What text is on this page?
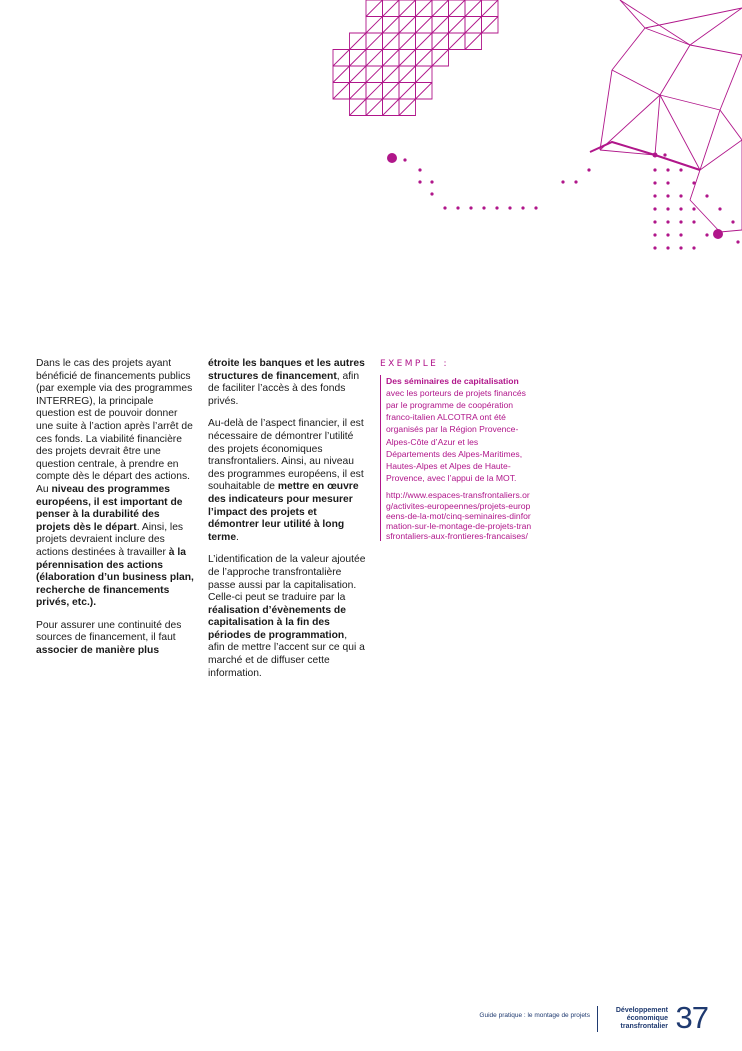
Dans le cas des projets ayant bénéficié de financements publics (par exemple via des programmes INTERREG), la principale question est de pouvoir donner une suite à l’action après l’arrêt de ces fonds. La viabilité financière des projets devrait être une question centrale, à prendre en compte dès le départ des actions. Au niveau des programmes européens, il est important de penser à la durabilité des projets dès le départ. Ainsi, les projets devraient inclure des actions destinées à travailler à la pérennisation des actions (élaboration d’un business plan, recherche de financements privés, etc.).

Pour assurer une continuité des sources de financement, il faut associer de manière plus

étroite les banques et les autres structures de financement, afin de faciliter l’accès à des fonds privés.

Au-delà de l’aspect financier, il est nécessaire de démontrer l’utilité des projets économiques transfrontaliers. Ainsi, au niveau des programmes européens, il est souhaitable de mettre en œuvre des indicateurs pour mesurer l’impact des projets et démontrer leur utilité à long terme.

L’identification de la valeur ajoutée de l’approche transfrontalière passe aussi par la capitalisation. Celle-ci peut se traduire par la réalisation d’évènements de capitalisation à la fin des périodes de programmation, afin de mettre l’accent sur ce qui a marché et de diffuser cette information.

EXEMPLE :

Des séminaires de capitalisation avec les porteurs de projets financés par le programme de coopération franco-italien ALCOTRA ont été organisés par la Région Provence-Alpes-Côte d’Azur et les Départements des Alpes-Maritimes, Hautes-Alpes et Alpes de Haute-Provence, avec l’appui de la MOT.

http://www.espaces-transfrontaliers.org/activites-europeennes/projets-europeens-de-la-mot/cinq-seminaires-dinformation-sur-le-montage-de-projets-transfrontaliers-aux-frontieres-francaises/

Guide pratique : le montage de projets
Développement
économique
transfrontalier 37
